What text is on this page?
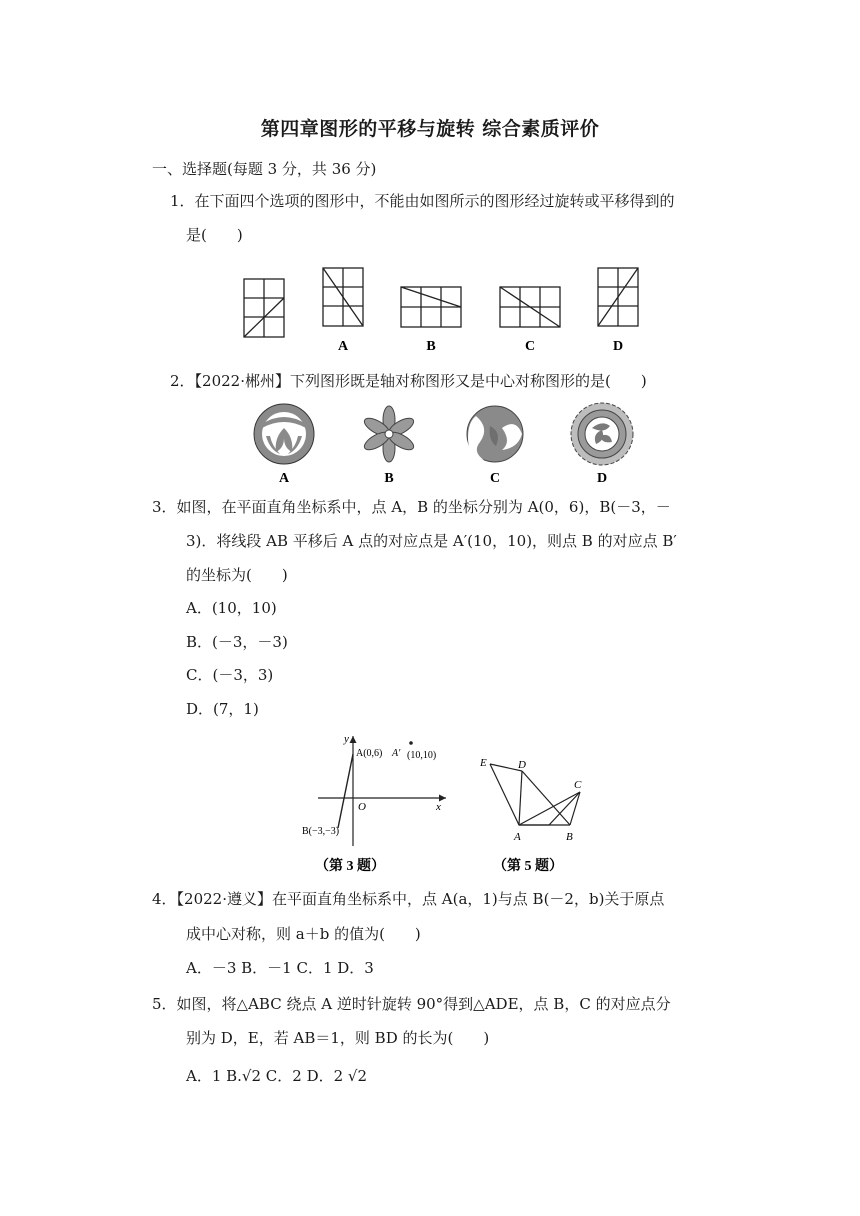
第四章图形的平移与旋转 综合素质评价
一、选择题(每题 3 分，共 36 分)
1．在下面四个选项的图形中，不能由如图所示的图形经过旋转或平移得到的
是(　　)
A	B	C	D
2．【2022·郴州】下列图形既是轴对称图形又是中心对称图形的是(　　)
A	B	C	D
3．如图，在平面直角坐标系中，点 A，B 的坐标分别为 A(0，6)，B(－3，－
3)．将线段 AB 平移后 A 点的对应点是 A′(10，10)，则点 B 的对应点 B′
的坐标为(　　)
A．(10，10)
B．(－3，－3)
C．(－3，3)
D．(7，1)
y
x
O
A(0,6) A′ (10,10)
B(−3,−3)
（第 3 题）
E	D
C
A	B
（第 5 题）
4．【2022·遵义】在平面直角坐标系中，点 A(a，1)与点 B(－2，b)关于原点
成中心对称，则 a＋b 的值为(　　)
A．－3 B．－1 C．1 D．3
5．如图，将△ABC 绕点 A 逆时针旋转 90°得到△ADE，点 B，C 的对应点分
别为 D，E，若 AB＝1，则 BD 的长为(　　)
A．1 B.√2 C．2 D．2 √2
